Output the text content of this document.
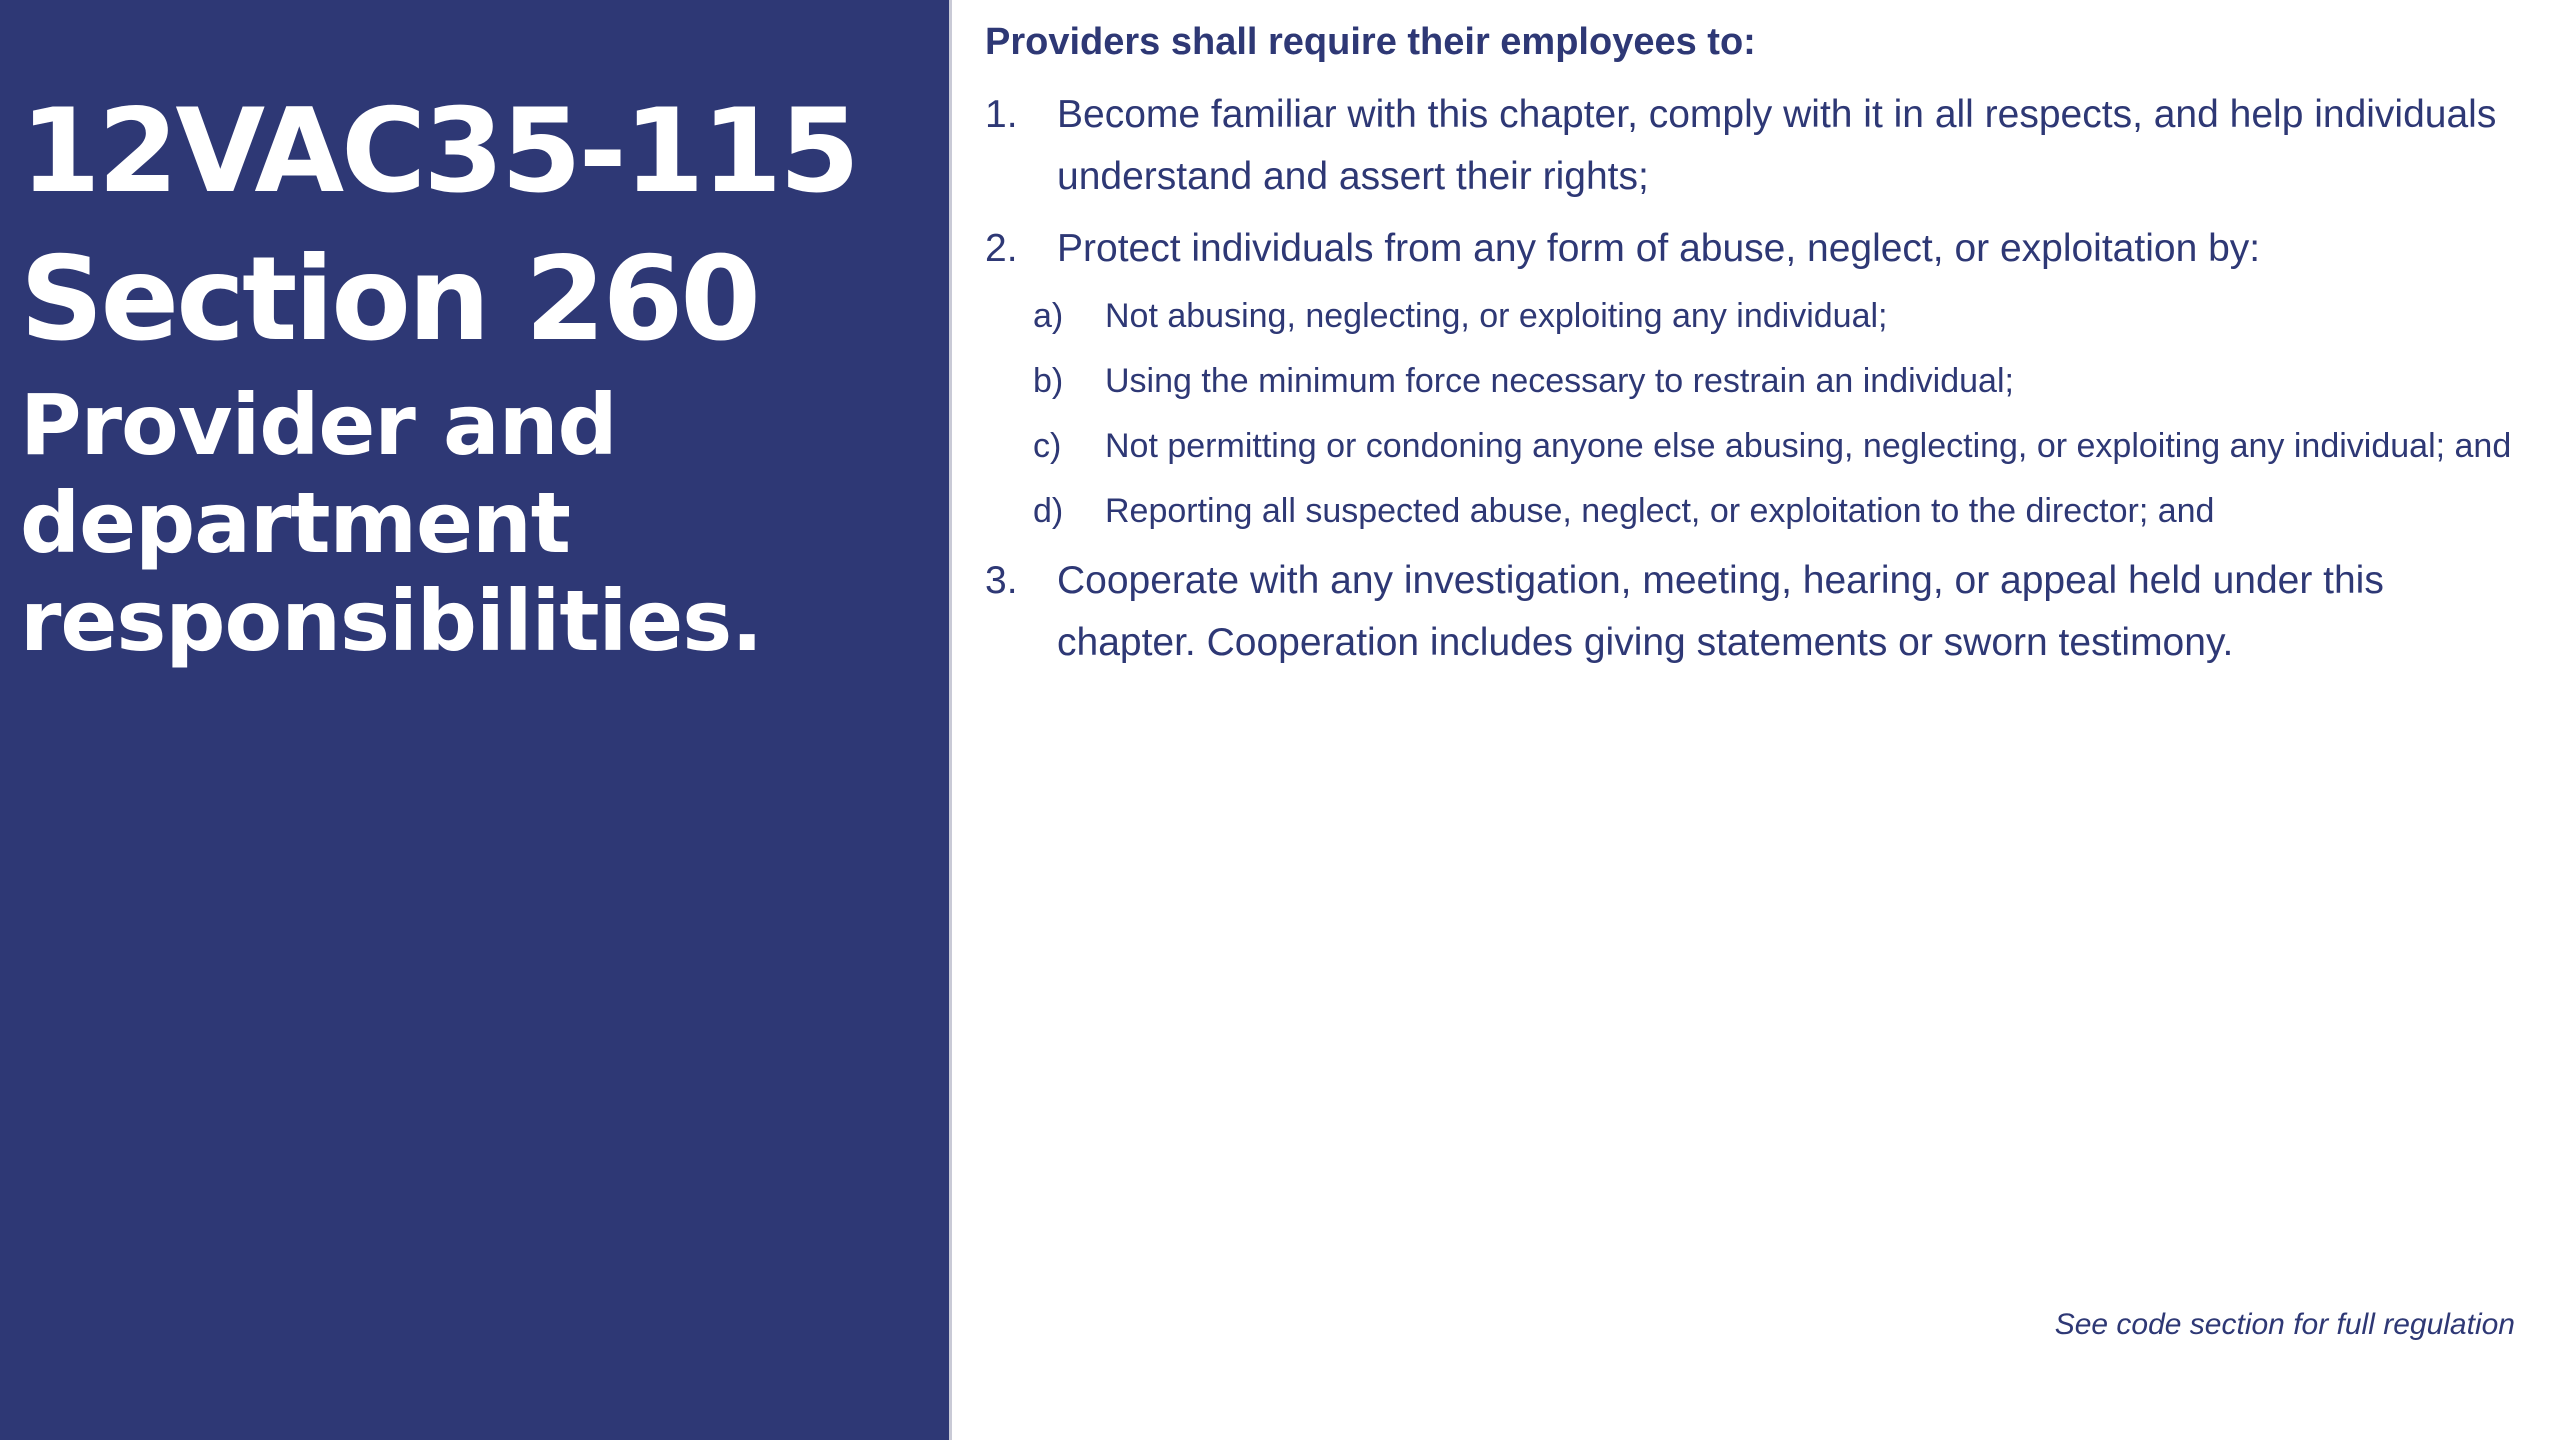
12VAC35-115
Section 260
Provider and department responsibilities.
Providers shall require their employees to:
1.	Become familiar with this chapter, comply with it in all respects, and help individuals understand and assert their rights;
2.	Protect individuals from any form of abuse, neglect, or exploitation by:
a)	Not abusing, neglecting, or exploiting any individual;
b)	Using the minimum force necessary to restrain an individual;
c)	Not permitting or condoning anyone else abusing, neglecting, or exploiting any individual; and
d)	Reporting all suspected abuse, neglect, or exploitation to the director; and
3.	Cooperate with any investigation, meeting, hearing, or appeal held under this chapter. Cooperation includes giving statements or sworn testimony.
See code section for full regulation
